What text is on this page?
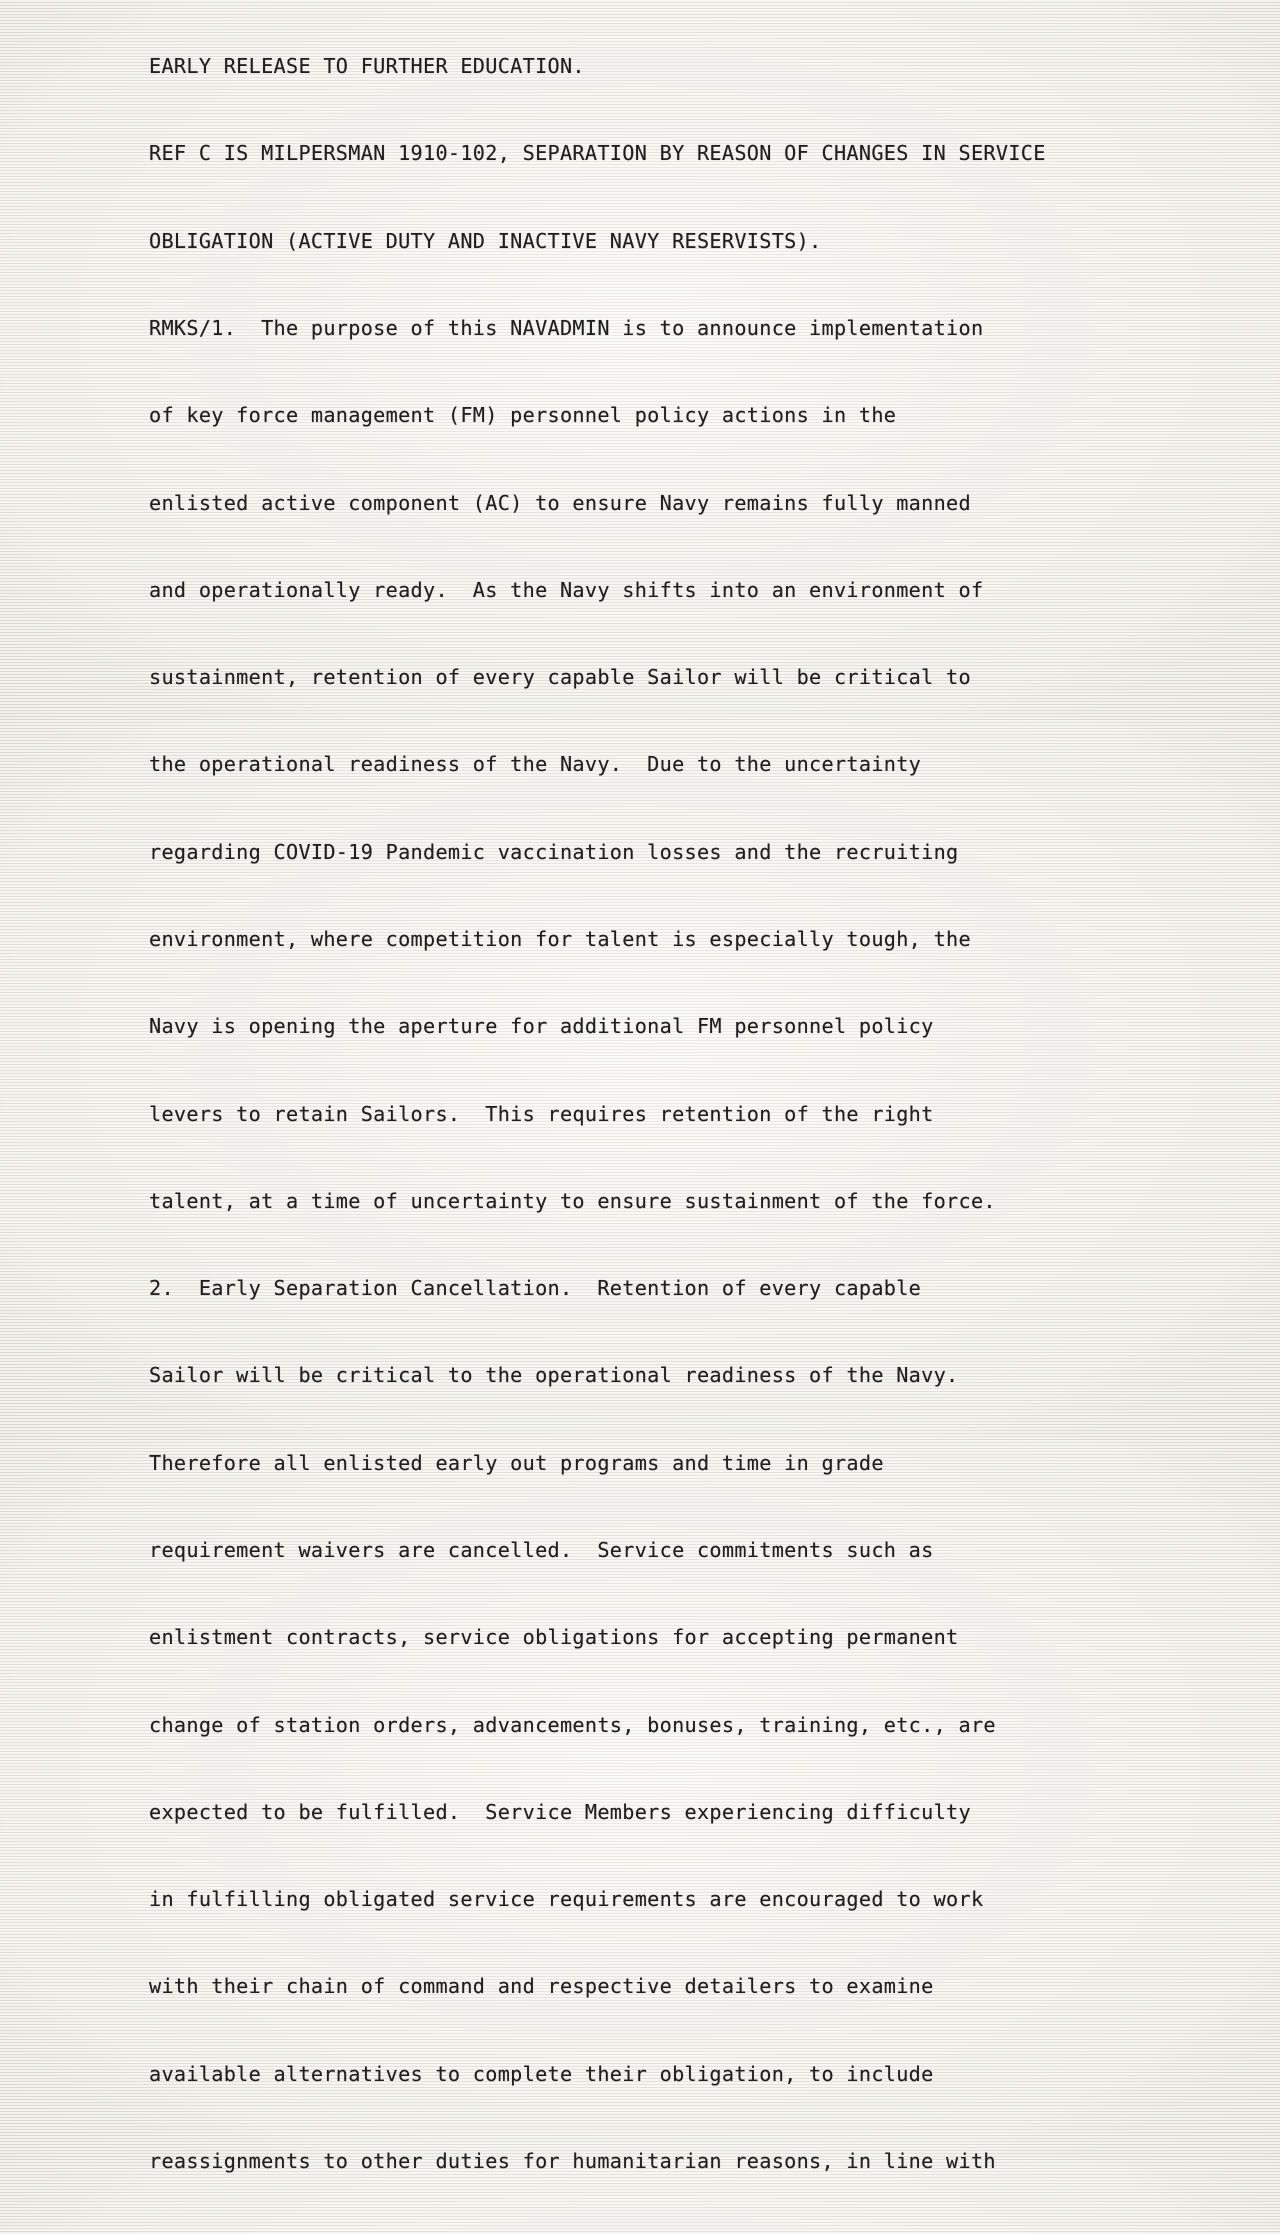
EARLY RELEASE TO FURTHER EDUCATION.

REF C IS MILPERSMAN 1910-102, SEPARATION BY REASON OF CHANGES IN SERVICE

OBLIGATION (ACTIVE DUTY AND INACTIVE NAVY RESERVISTS).

RMKS/1.  The purpose of this NAVADMIN is to announce implementation

of key force management (FM) personnel policy actions in the

enlisted active component (AC) to ensure Navy remains fully manned

and operationally ready.  As the Navy shifts into an environment of

sustainment, retention of every capable Sailor will be critical to

the operational readiness of the Navy.  Due to the uncertainty

regarding COVID-19 Pandemic vaccination losses and the recruiting

environment, where competition for talent is especially tough, the

Navy is opening the aperture for additional FM personnel policy

levers to retain Sailors.  This requires retention of the right

talent, at a time of uncertainty to ensure sustainment of the force.

2.  Early Separation Cancellation.  Retention of every capable

Sailor will be critical to the operational readiness of the Navy.

Therefore all enlisted early out programs and time in grade

requirement waivers are cancelled.  Service commitments such as

enlistment contracts, service obligations for accepting permanent

change of station orders, advancements, bonuses, training, etc., are

expected to be fulfilled.  Service Members experiencing difficulty

in fulfilling obligated service requirements are encouraged to work

with their chain of command and respective detailers to examine

available alternatives to complete their obligation, to include

reassignments to other duties for humanitarian reasons, in line with
